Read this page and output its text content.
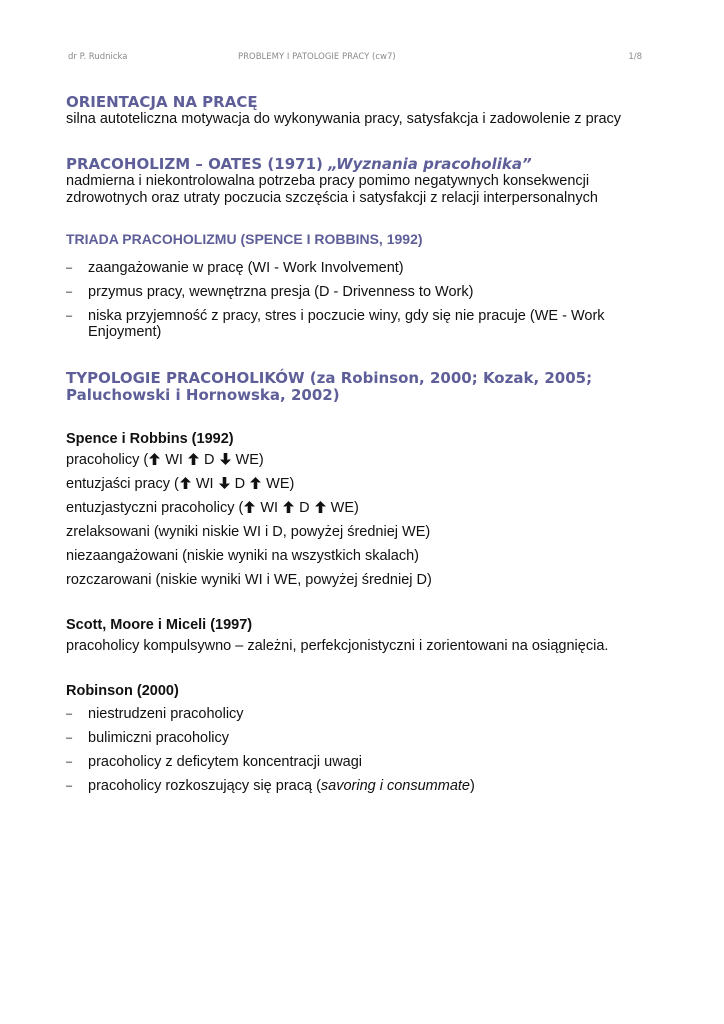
dr P. Rudnicka	PROBLEMY I PATOLOGIE PRACY (cw7)	1/8
ORIENTACJA NA PRACĘ
silna autoteliczna motywacja do wykonywania pracy, satysfakcja i zadowolenie z pracy
PRACOHOLIZM – OATES (1971) „Wyznania pracoholika”
nadmierna i niekontrolowalna potrzeba pracy pomimo negatywnych konsekwencji
zdrowotnych oraz utraty poczucia szczęścia i satysfakcji z relacji interpersonalnych
TRIADA PRACOHOLIZMU (SPENCE I ROBBINS, 1992)
– zaangażowanie w pracę (WI - Work Involvement)
– przymus pracy, wewnętrzna presja (D - Drivenness to Work)
– niska przyjemność z pracy, stres i poczucie winy, gdy się nie pracuje (WE - Work Enjoyment)
TYPOLOGIE PRACOHOLIKÓW (za Robinson, 2000; Kozak, 2005;
Paluchowski i Hornowska, 2002)
Spence i Robbins (1992)
pracoholicy ( WI  D  WE)
entuzjaści pracy ( WI  D  WE)
entuzjastyczni pracoholicy ( WI  D  WE)
zrelaksowani (wyniki niskie WI i D, powyżej średniej WE)
niezaangażowani (niskie wyniki na wszystkich skalach)
rozczarowani (niskie wyniki WI i WE, powyżej średniej D)
Scott, Moore i Miceli (1997)
pracoholicy kompulsywno – zależni, perfekcjonistyczni i zorientowani na osiągnięcia.
Robinson (2000)
– niestrudzeni pracoholicy
– bulimiczni pracoholicy
– pracoholicy z deficytem koncentracji uwagi
– pracoholicy rozkoszujący się pracą (savoring i consummate)
